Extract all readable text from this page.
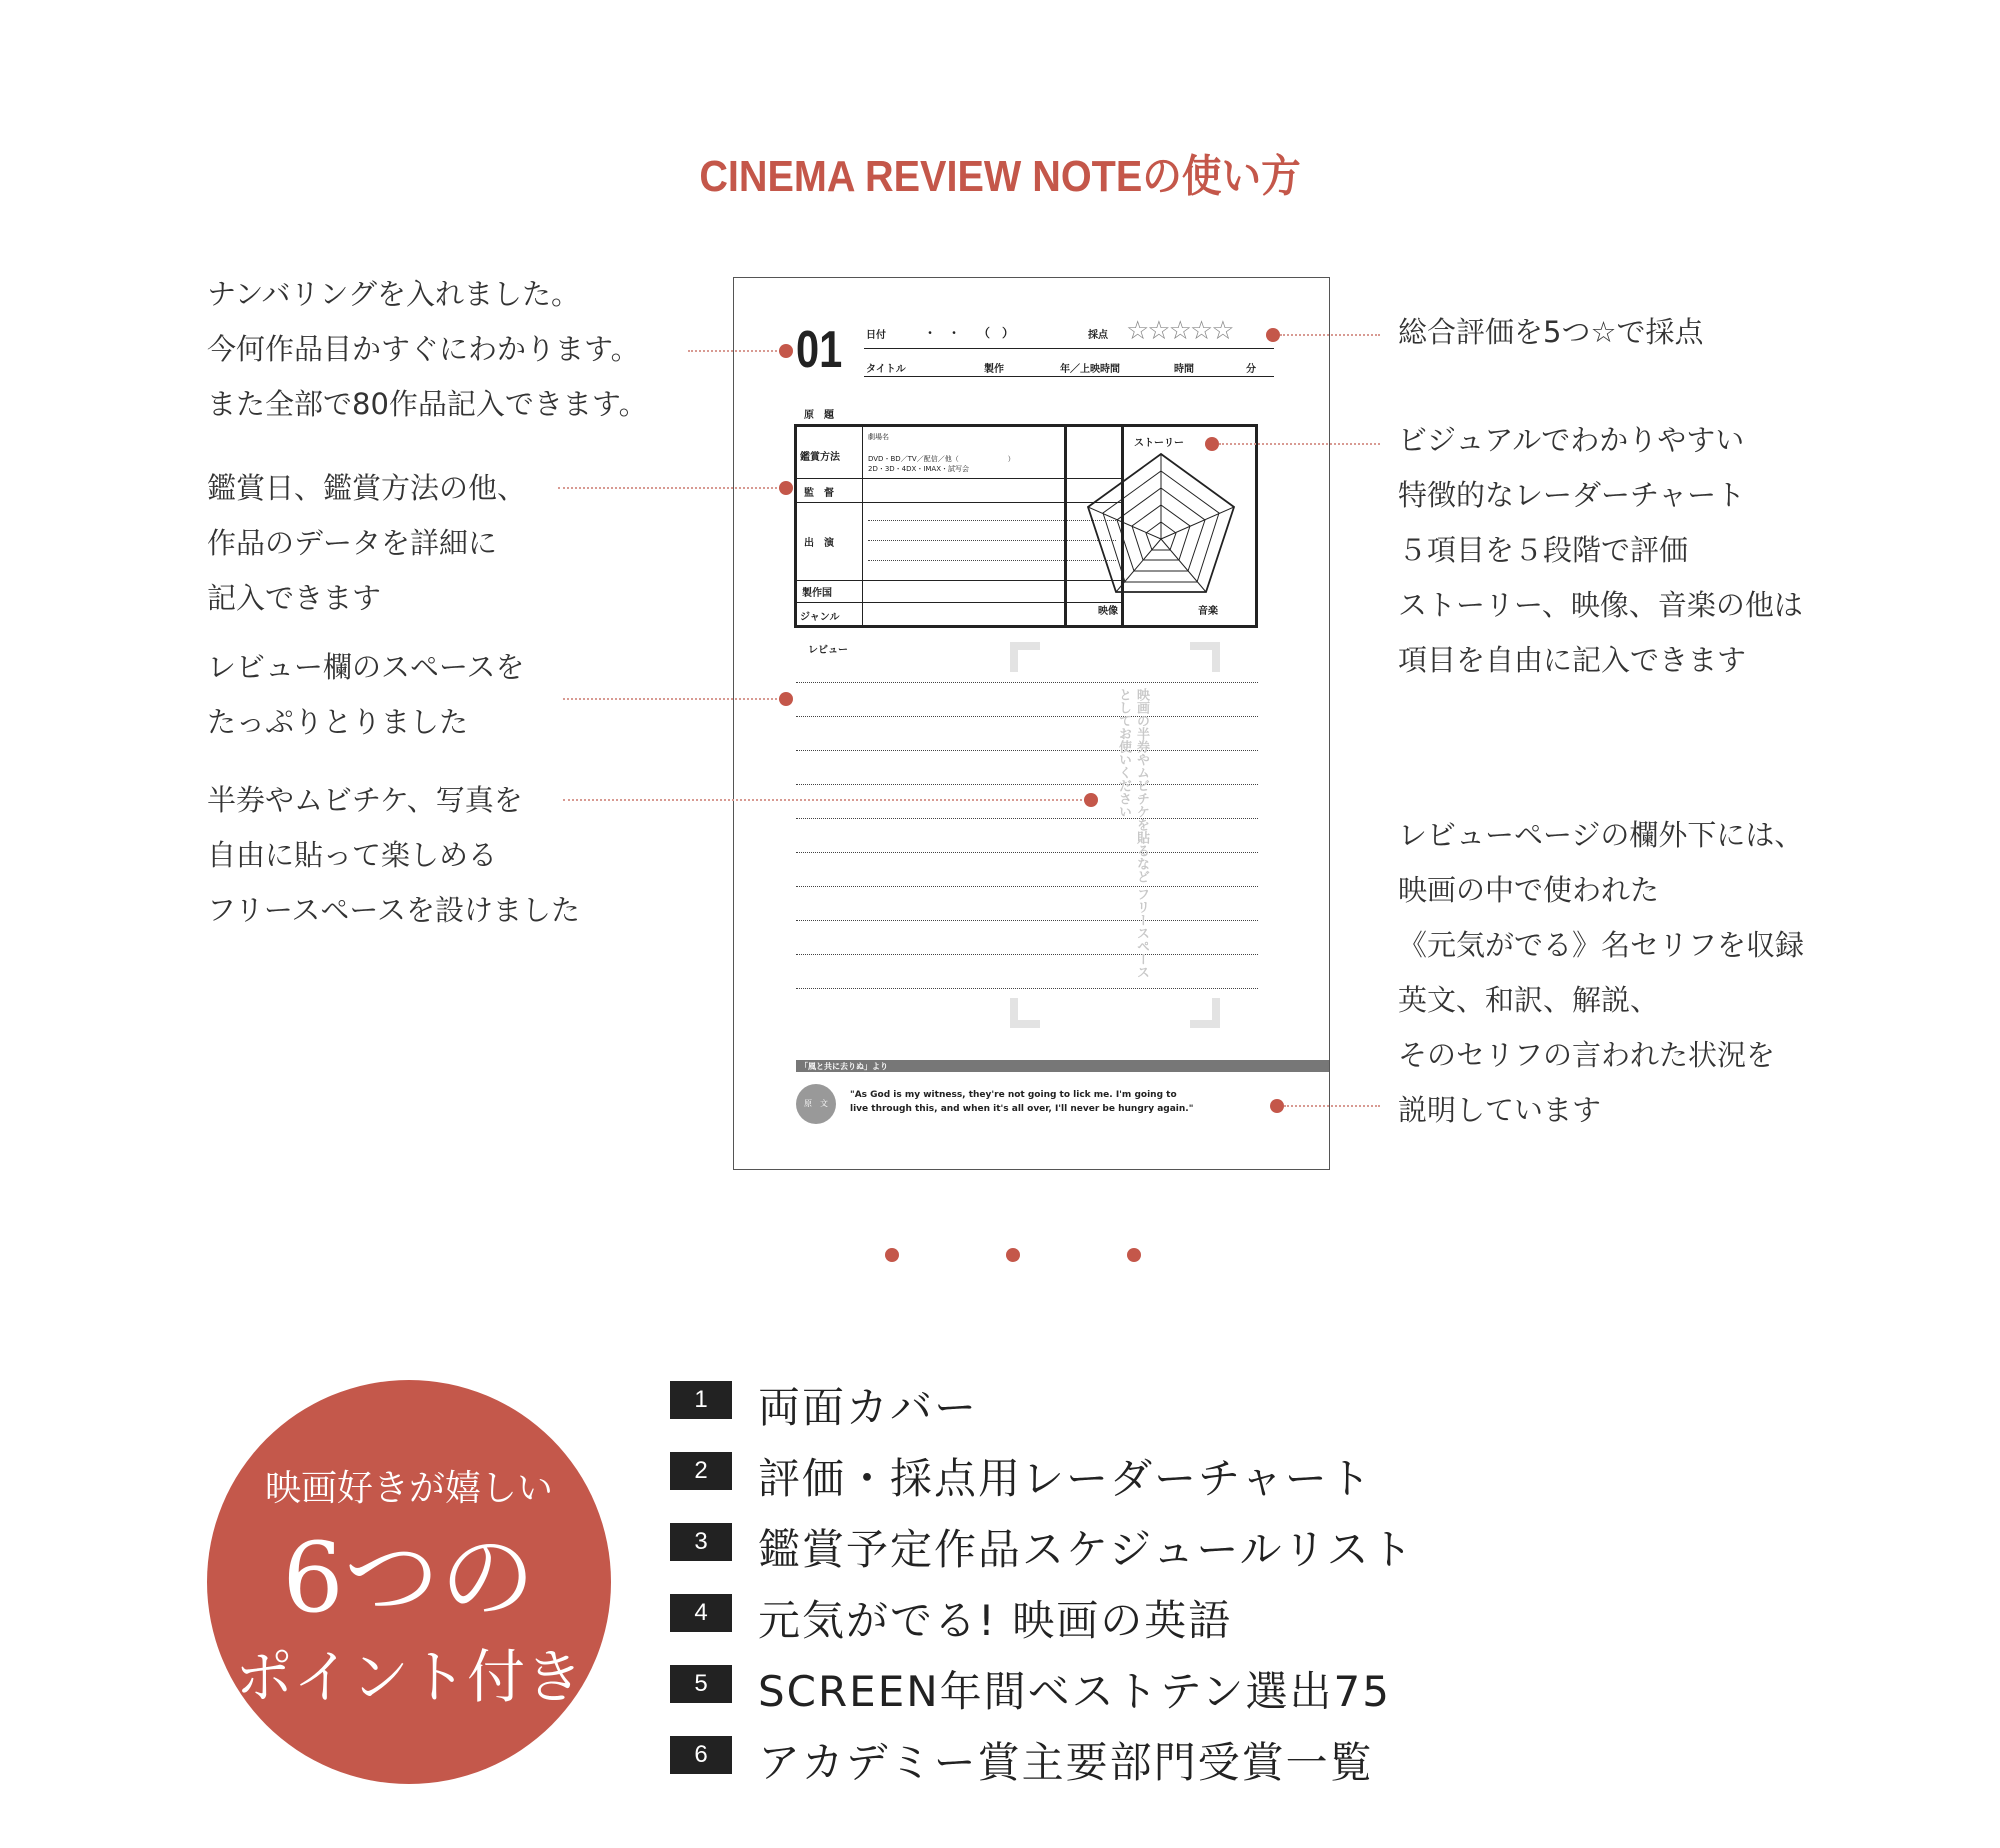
CINEMA REVIEW NOTEの使い方
ナンバリングを入れました。
今何作品目かすぐにわかります。
また全部で80作品記入できます。
鑑賞日、鑑賞方法の他、
作品のデータを詳細に
記入できます
レビュー欄のスペースを
たっぷりとりました
半券やムビチケ、写真を
自由に貼って楽しめる
フリースペースを設けました
総合評価を5つ☆で採点
ビジュアルでわかりやすい
特徴的なレーダーチャート
５項目を５段階で評価
ストーリー、映像、音楽の他は
項目を自由に記入できます
レビューページの欄外下には、
映画の中で使われた
《元気がでる》名セリフを収録
英文、和訳、解説、
そのセリフの言われた状況を
説明しています
01 日付	・　・　　（　）	採点 ☆☆☆☆☆
タイトル	製作	年／上映時間	時間	分
原　題
劇場名
鑑賞方法	DVD・BD／TV／配信／他（　　　　　　　）
2D・3D・4DX・IMAX・試写会
監　督
出　演
製作国
ジャンル
ストーリー
映像	音楽
レビュー
映画の半券やムビチケを貼るなど フリースペースとしてお使いください
「風と共に去りぬ」より
原　文
"As God is my witness, they're not going to lick me. I'm going to
live through this, and when it's all over, I'll never be hungry again."
映画好きが嬉しい
6つの
ポイント付き
1	両面カバー
2	評価・採点用レーダーチャート
3	鑑賞予定作品スケジュールリスト
4	元気がでる! 映画の英語
5	SCREEN年間ベストテン選出75
6	アカデミー賞主要部門受賞一覧
